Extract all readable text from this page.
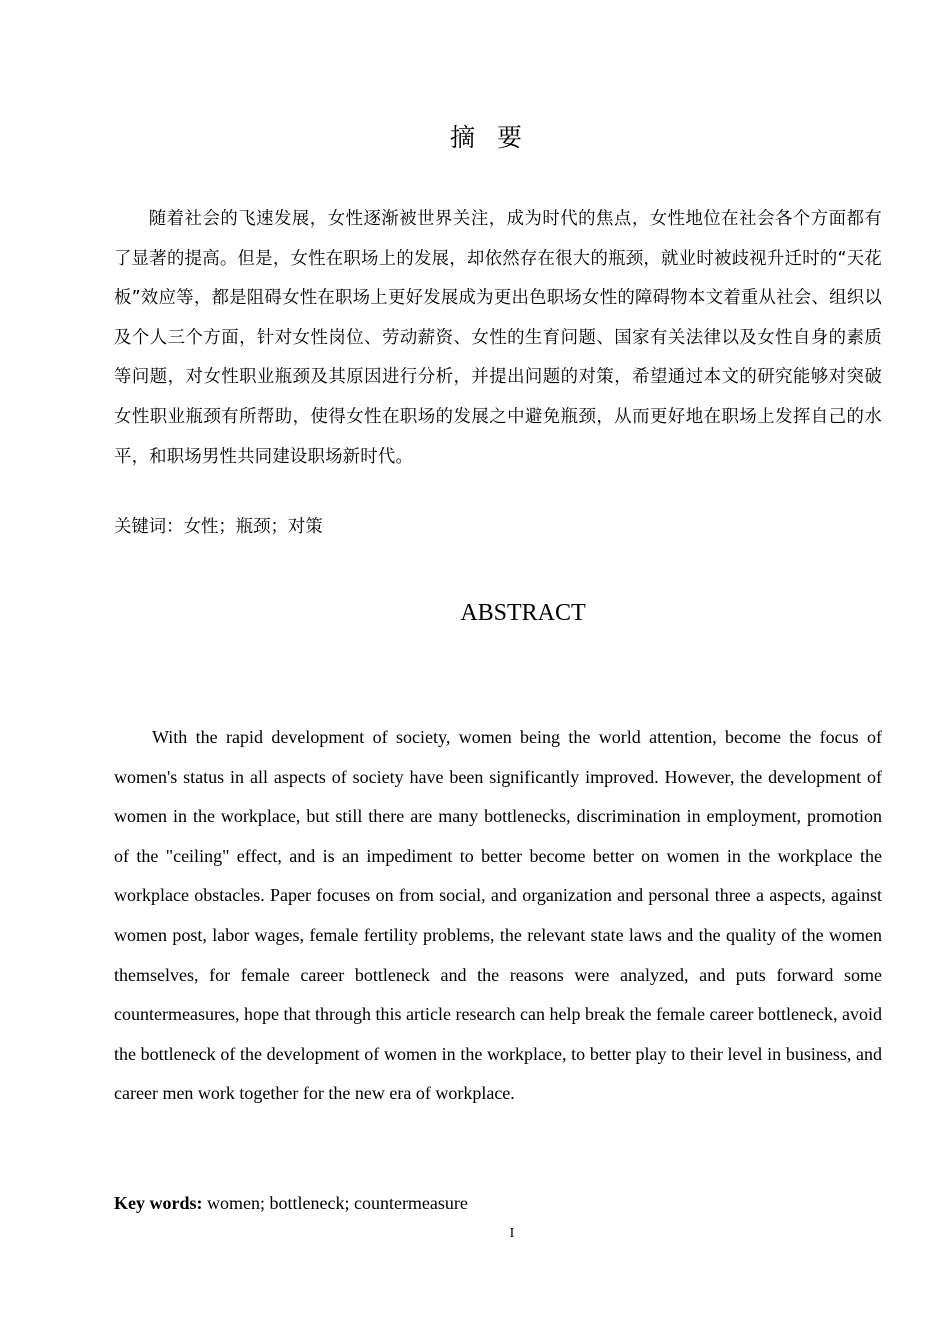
摘要

随着社会的飞速发展，女性逐渐被世界关注，成为时代的焦点，女性地位在社会各个方面都有了显著的提高。但是，女性在职场上的发展，却依然存在很大的瓶颈，就业时被歧视升迁时的“天花板”效应等，都是阻碍女性在职场上更好发展成为更出色职场女性的障碍物本文着重从社会、组织以及个人三个方面，针对女性岗位、劳动薪资、女性的生育问题、国家有关法律以及女性自身的素质等问题，对女性职业瓶颈及其原因进行分析，并提出问题的对策，希望通过本文的研究能够对突破女性职业瓶颈有所帮助，使得女性在职场的发展之中避免瓶颈，从而更好地在职场上发挥自己的水平，和职场男性共同建设职场新时代。

关键词：女性；瓶颈；对策

ABSTRACT

With the rapid development of society, women being the world attention, become the focus of women's status in all aspects of society have been significantly improved. However, the development of women in the workplace, but still there are many bottlenecks, discrimination in employment, promotion of the "ceiling" effect, and is an impediment to better become better on women in the workplace the workplace obstacles. Paper focuses on from social, and organization and personal three a aspects, against women post, labor wages, female fertility problems, the relevant state laws and the quality of the women themselves, for female career bottleneck and the reasons were analyzed, and puts forward some countermeasures, hope that through this article research can help break the female career bottleneck, avoid the bottleneck of the development of women in the workplace, to better play to their level in business, and career men work together for the new era of workplace.

Key words: women; bottleneck; countermeasure

I
